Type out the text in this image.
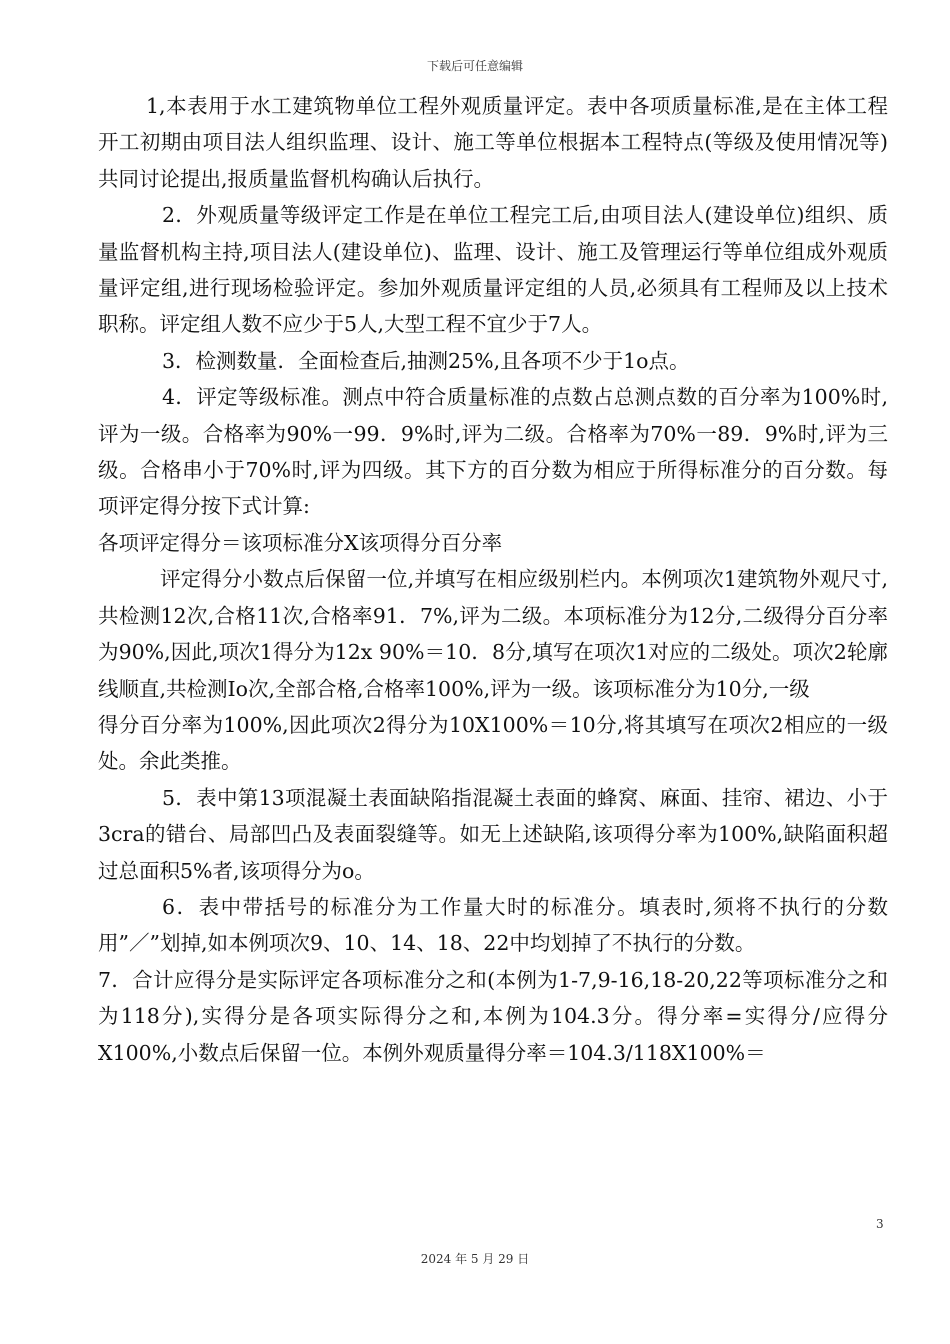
下载后可任意编辑

1,本表用于水工建筑物单位工程外观质量评定。表中各项质量标准,是在主体工程开工初期由项目法人组织监理、设计、施工等单位根据本工程特点(等级及使用情况等)共同讨论提出,报质量监督机构确认后执行。

2．外观质量等级评定工作是在单位工程完工后,由项目法人(建设单位)组织、质量监督机构主持,项目法人(建设单位)、监理、设计、施工及管理运行等单位组成外观质量评定组,进行现场检验评定。参加外观质量评定组的人员,必须具有工程师及以上技术职称。评定组人数不应少于5人,大型工程不宜少于7人。

3．检测数量．全面检查后,抽测25%,且各项不少于1o点。

4．评定等级标准。测点中符合质量标准的点数占总测点数的百分率为100%时,评为一级。合格率为90%一99．9%时,评为二级。合格率为70%一89．9%时,评为三级。合格串小于70%时,评为四级。其下方的百分数为相应于所得标准分的百分数。每项评定得分按下式计算:

各项评定得分＝该项标准分X该项得分百分率

评定得分小数点后保留一位,并填写在相应级别栏内。本例项次1建筑物外观尺寸,共检测12次,合格11次,合格率91．7%,评为二级。本项标准分为12分,二级得分百分率为90%,因此,项次1得分为12x 90%＝10．8分,填写在项次1对应的二级处。项次2轮廓线顺直,共检测Io次,全部合格,合格率100%,评为一级。该项标准分为10分,一级

得分百分率为100%,因此项次2得分为10X100%＝10分,将其填写在项次2相应的一级处。余此类推。

5．表中第13项混凝土表面缺陷指混凝土表面的蜂窝、麻面、挂帘、裙边、小于3cra的错台、局部凹凸及表面裂缝等。如无上述缺陷,该项得分率为100%,缺陷面积超过总面积5%者,该项得分为o。

6．表中带括号的标准分为工作量大时的标准分。填表时,须将不执行的分数用”／”划掉,如本例项次9、10、14、18、22中均划掉了不执行的分数。

7．合计应得分是实际评定各项标准分之和(本例为1-7,9-16,18-20,22等项标准分之和为118分),实得分是各项实际得分之和,本例为104.3分。得分率=实得分/应得分X100%,小数点后保留一位。本例外观质量得分率＝104.3/118X100%＝

3
2024 年 5 月 29 日
